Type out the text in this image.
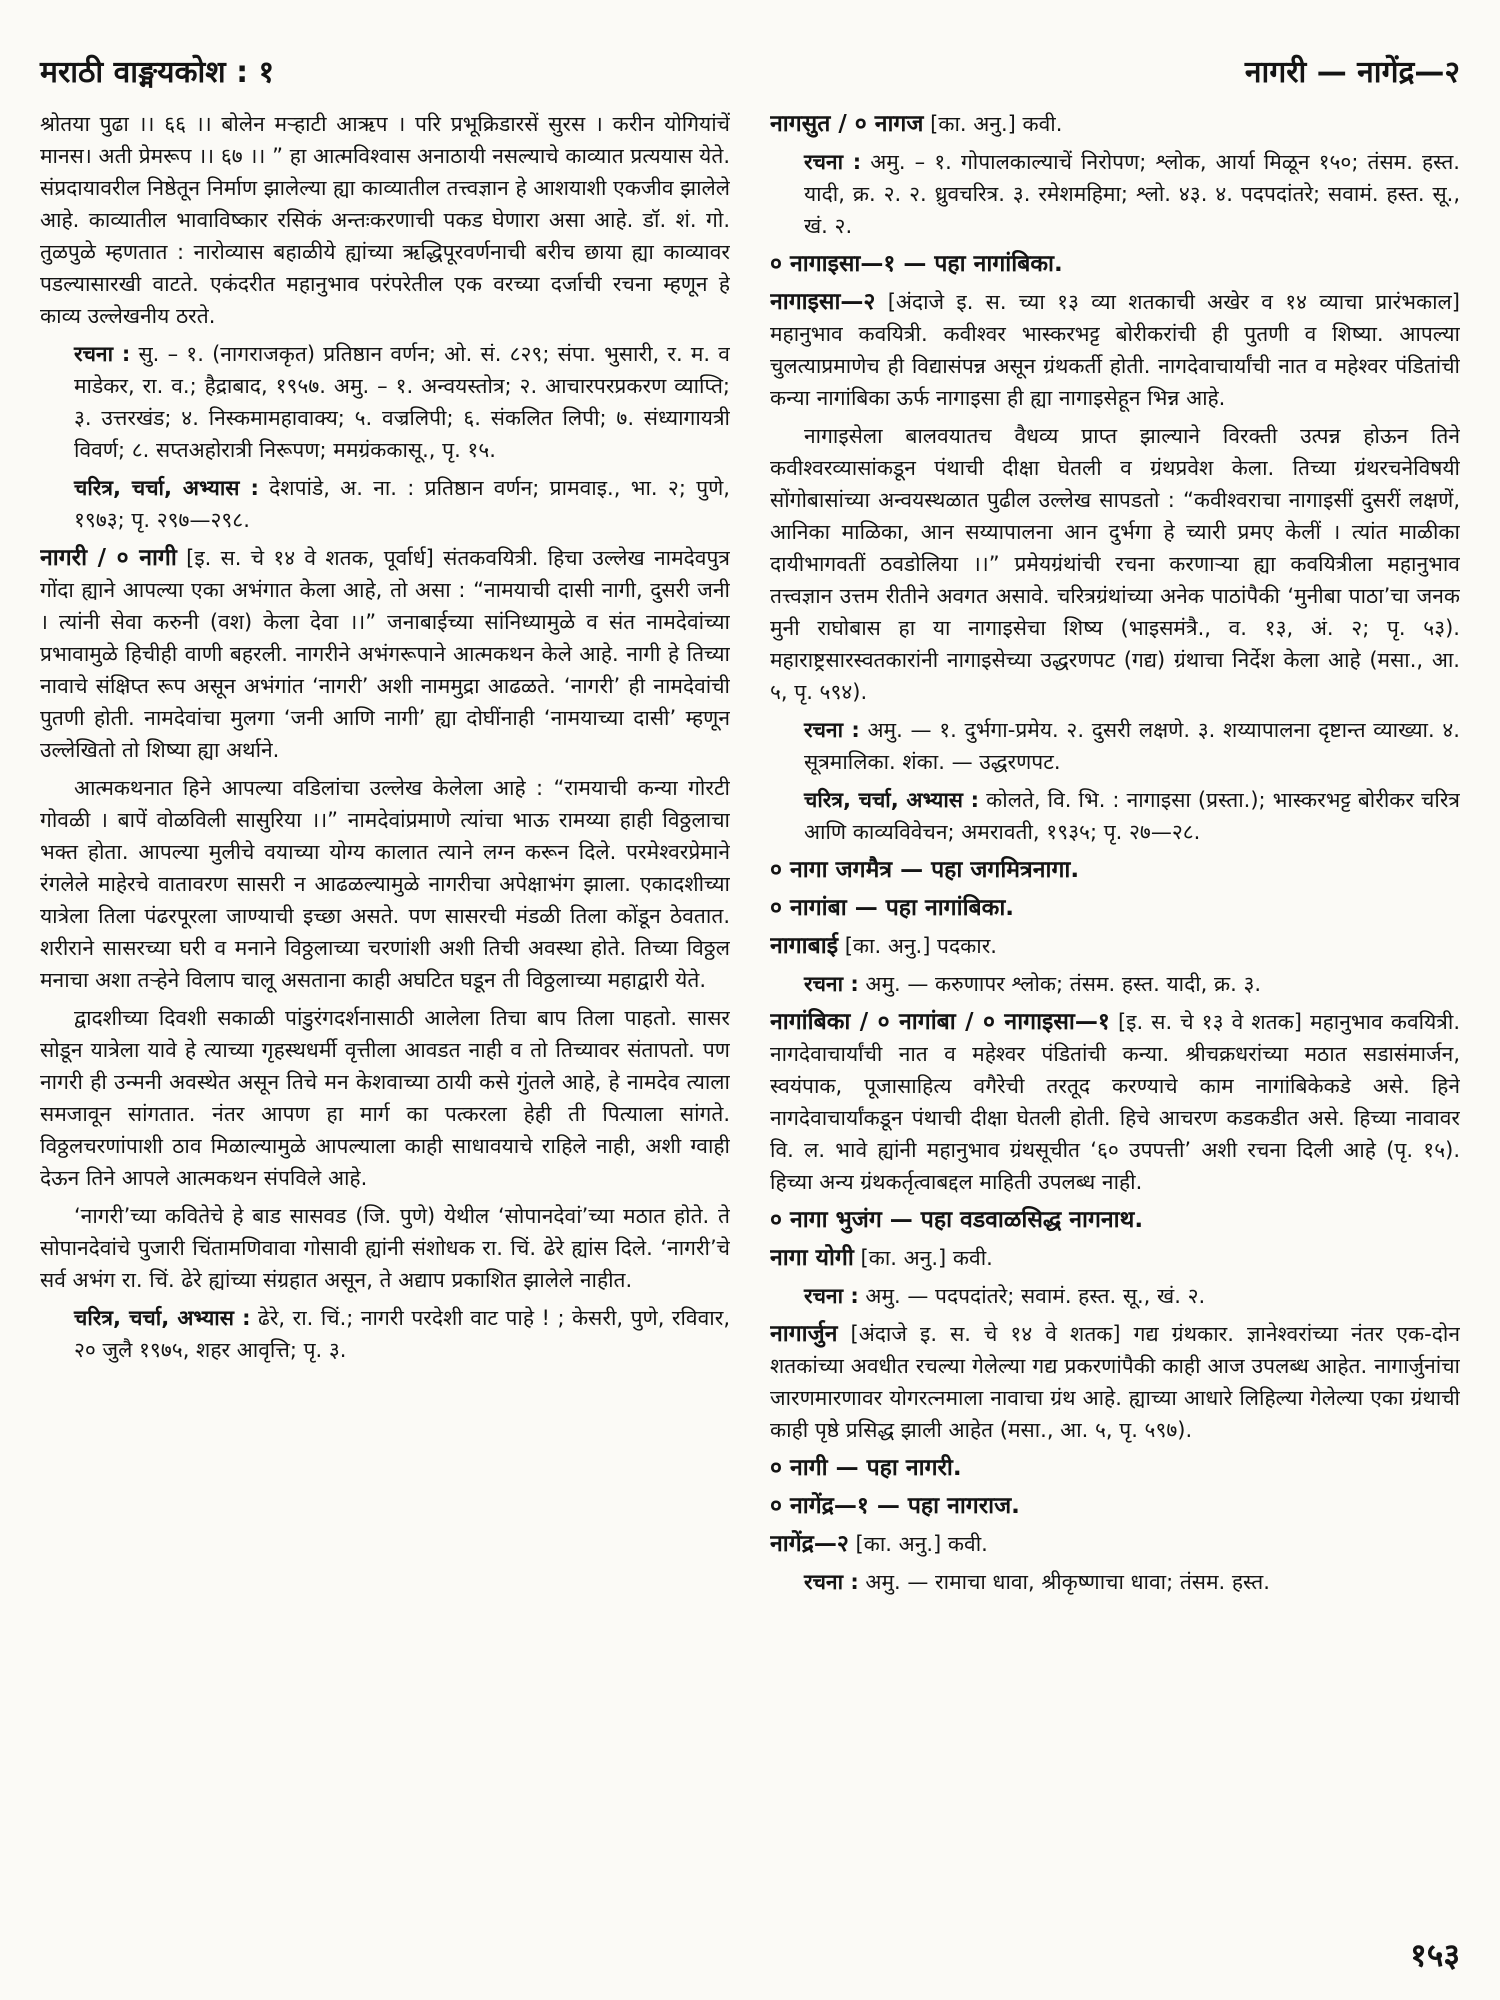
मराठी वाङ्मयकोश : १	नागरी — नागेंद्र—२

श्रोतया पुढा ।। ६६ ।। बोलेन मऱ्हाटी आऋप । परि प्रभूक्रिडारसें सुरस । करीन योगियांचें मानस। अती प्रेमरूप ।। ६७ ।। ” हा आत्मविश्वास अनाठायी नसल्याचे काव्यात प्रत्ययास येते. संप्रदायावरील निष्ठेतून निर्माण झालेल्या ह्या काव्यातील तत्त्वज्ञान हे आशयाशी एकजीव झालेले आहे. काव्यातील भावाविष्कार रसिकं अन्तःकरणाची पकड घेणारा असा आहे. डॉ. शं. गो. तुळपुळे म्हणतात : नारोव्यास बहाळीये ह्यांच्या ऋद्धिपूरवर्णनाची बरीच छाया ह्या काव्यावर पडल्यासारखी वाटते. एकंदरीत महानुभाव परंपरेतील एक वरच्या दर्जाची रचना म्हणून हे काव्य उल्लेखनीय ठरते.

रचना : सु. – १. (नागराजकृत) प्रतिष्ठान वर्णन; ओ. सं. ८२९; संपा. भुसारी, र. म. व माडेकर, रा. व.; हैद्राबाद, १९५७. अमु. – १. अन्वयस्तोत्र; २. आचारपरप्रकरण व्याप्ति; ३. उत्तरखंड; ४. निस्कमामहावाक्य; ५. वज्रलिपी; ६. संकलित लिपी; ७. संध्यागायत्री विवर्ण; ८. सप्तअहोरात्री निरूपण; ममग्रंककासू., पृ. १५.

चरित्र, चर्चा, अभ्यास : देशपांडे, अ. ना. : प्रतिष्ठान वर्णन; प्रामवाइ., भा. २; पुणे, १९७३; पृ. २९७—२९८.

नागरी / ० नागी [इ. स. चे १४ वे शतक, पूर्वार्ध] संतकवयित्री. हिचा उल्लेख नामदेवपुत्र गोंदा ह्याने आपल्या एका अभंगात केला आहे, तो असा : “नामयाची दासी नागी, दुसरी जनी । त्यांनी सेवा करुनी (वश) केला देवा ।।” जनाबाईच्या सांनिध्यामुळे व संत नामदेवांच्या प्रभावामुळे हिचीही वाणी बहरली. नागरीने अभंगरूपाने आत्मकथन केले आहे. नागी हे तिच्या नावाचे संक्षिप्त रूप असून अभंगांत ‘नागरी’ अशी नाममुद्रा आढळते. ‘नागरी’ ही नामदेवांची पुतणी होती. नामदेवांचा मुलगा ‘जनी आणि नागी’ ह्या दोघींनाही ‘नामयाच्या दासी’ म्हणून उल्लेखितो तो शिष्या ह्या अर्थाने.

आत्मकथनात हिने आपल्या वडिलांचा उल्लेख केलेला आहे : “रामयाची कन्या गोरटी गोवळी । बापें वोळविली सासुरिया ।।” नामदेवांप्रमाणे त्यांचा भाऊ रामय्या हाही विठ्ठलाचा भक्त होता. आपल्या मुलीचे वयाच्या योग्य कालात त्याने लग्न करून दिले. परमेश्वरप्रेमाने रंगलेले माहेरचे वातावरण सासरी न आढळल्यामुळे नागरीचा अपेक्षाभंग झाला. एकादशीच्या यात्रेला तिला पंढरपूरला जाण्याची इच्छा असते. पण सासरची मंडळी तिला कोंडून ठेवतात. शरीराने सासरच्या घरी व मनाने विठ्ठलाच्या चरणांशी अशी तिची अवस्था होते. तिच्या विठ्ठल मनाचा अशा तऱ्हेने विलाप चालू असताना काही अघटित घडून ती विठ्ठलाच्या महाद्वारी येते.

द्वादशीच्या दिवशी सकाळी पांडुरंगदर्शनासाठी आलेला तिचा बाप तिला पाहतो. सासर सोडून यात्रेला यावे हे त्याच्या गृहस्थधर्मी वृत्तीला आवडत नाही व तो तिच्यावर संतापतो. पण नागरी ही उन्मनी अवस्थेत असून तिचे मन केशवाच्या ठायी कसे गुंतले आहे, हे नामदेव त्याला समजावून सांगतात. नंतर आपण हा मार्ग का पत्करला हेही ती पित्याला सांगते. विठ्ठलचरणांपाशी ठाव मिळाल्यामुळे आपल्याला काही साधावयाचे राहिले नाही, अशी ग्वाही देऊन तिने आपले आत्मकथन संपविले आहे.

‘नागरी’च्या कवितेचे हे बाड सासवड (जि. पुणे) येथील ‘सोपानदेवां’च्या मठात होते. ते सोपानदेवांचे पुजारी चिंतामणिवावा गोसावी ह्यांनी संशोधक रा. चिं. ढेरे ह्यांस दिले. ‘नागरी’चे सर्व अभंग रा. चिं. ढेरे ह्यांच्या संग्रहात असून, ते अद्याप प्रकाशित झालेले नाहीत.

चरित्र, चर्चा, अभ्यास : ढेरे, रा. चिं.; नागरी परदेशी वाट पाहे ! ; केसरी, पुणे, रविवार, २० जुलै १९७५, शहर आवृत्ति; पृ. ३.

नागसुत / ० नागज [का. अनु.] कवी.

रचना : अमु. – १. गोपालकाल्याचें निरोपण; श्लोक, आर्या मिळून १५०; तंसम. हस्त. यादी, क्र. २. २. ध्रुवचरित्र. ३. रमेशमहिमा; श्लो. ४३. ४. पदपदांतरे; सवामं. हस्त. सू., खं. २.

० नागाइसा—१ — पहा नागांबिका.

नागाइसा—२ [अंदाजे इ. स. च्या १३ व्या शतकाची अखेर व १४ व्याचा प्रारंभकाल] महानुभाव कवयित्री. कवीश्वर भास्करभट्ट बोरीकरांची ही पुतणी व शिष्या. आपल्या चुलत्याप्रमाणेच ही विद्यासंपन्न असून ग्रंथकर्ती होती. नागदेवाचार्यांची नात व महेश्वर पंडितांची कन्या नागांबिका ऊर्फ नागाइसा ही ह्या नागाइसेहून भिन्न आहे.

नागाइसेला बालवयातच वैधव्य प्राप्त झाल्याने विरक्ती उत्पन्न होऊन तिने कवीश्वरव्यासांकडून पंथाची दीक्षा घेतली व ग्रंथप्रवेश केला. तिच्या ग्रंथरचनेविषयी सोंगोबासांच्या अन्वयस्थळात पुढील उल्लेख सापडतो : “कवीश्वराचा नागाइसीं दुसरीं लक्षणें, आनिका माळिका, आन सय्यापालना आन दुर्भगा हे च्यारी प्रमए केलीं । त्यांत माळीका दायीभागवतीं ठवडोलिया ।।” प्रमेयग्रंथांची रचना करणाऱ्या ह्या कवयित्रीला महानुभाव तत्त्वज्ञान उत्तम रीतीने अवगत असावे. चरित्रग्रंथांच्या अनेक पाठांपैकी ‘मुनीबा पाठा’चा जनक मुनी राघोबास हा या नागाइसेचा शिष्य (भाइसमंत्रै., व. १३, अं. २; पृ. ५३). महाराष्ट्रसारस्वतकारांनी नागाइसेच्या उद्धरणपट (गद्य) ग्रंथाचा निर्देश केला आहे (मसा., आ. ५, पृ. ५९४).

रचना : अमु. — १. दुर्भगा-प्रमेय. २. दुसरी लक्षणे. ३. शय्यापालना दृष्टान्त व्याख्या. ४. सूत्रमालिका. शंका. — उद्धरणपट.

चरित्र, चर्चा, अभ्यास : कोलते, वि. भि. : नागाइसा (प्रस्ता.); भास्करभट्ट बोरीकर चरित्र आणि काव्यविवेचन; अमरावती, १९३५; पृ. २७—२८.

० नागा जगमैत्र — पहा जगमित्रनागा.

० नागांबा — पहा नागांबिका.

नागाबाई [का. अनु.] पदकार.

रचना : अमु. — करुणापर श्लोक; तंसम. हस्त. यादी, क्र. ३.

नागांबिका / ० नागांबा / ० नागाइसा—१ [इ. स. चे १३ वे शतक] महानुभाव कवयित्री. नागदेवाचार्यांची नात व महेश्वर पंडितांची कन्या. श्रीचक्रधरांच्या मठात सडासंमार्जन, स्वयंपाक, पूजासाहित्य वगैरेची तरतूद करण्याचे काम नागांबिकेकडे असे. हिने नागदेवाचार्यांकडून पंथाची दीक्षा घेतली होती. हिचे आचरण कडकडीत असे. हिच्या नावावर वि. ल. भावे ह्यांनी महानुभाव ग्रंथसूचीत ‘६० उपपत्ती’ अशी रचना दिली आहे (पृ. १५). हिच्या अन्य ग्रंथकर्तृत्वाबद्दल माहिती उपलब्ध नाही.

० नागा भुजंग — पहा वडवाळसिद्ध नागनाथ.

नागा योगी [का. अनु.] कवी.

रचना : अमु. — पदपदांतरे; सवामं. हस्त. सू., खं. २.

नागार्जुन [अंदाजे इ. स. चे १४ वे शतक] गद्य ग्रंथकार. ज्ञानेश्वरांच्या नंतर एक-दोन शतकांच्या अवधीत रचल्या गेलेल्या गद्य प्रकरणांपैकी काही आज उपलब्ध आहेत. नागार्जुनांचा जारणमारणावर योगरत्नमाला नावाचा ग्रंथ आहे. ह्याच्या आधारे लिहिल्या गेलेल्या एका ग्रंथाची काही पृष्ठे प्रसिद्ध झाली आहेत (मसा., आ. ५, पृ. ५९७).

० नागी — पहा नागरी.

० नागेंद्र—१ — पहा नागराज.

नागेंद्र—२ [का. अनु.] कवी.

रचना : अमु. — रामाचा धावा, श्रीकृष्णाचा धावा; तंसम. हस्त.

१५३
